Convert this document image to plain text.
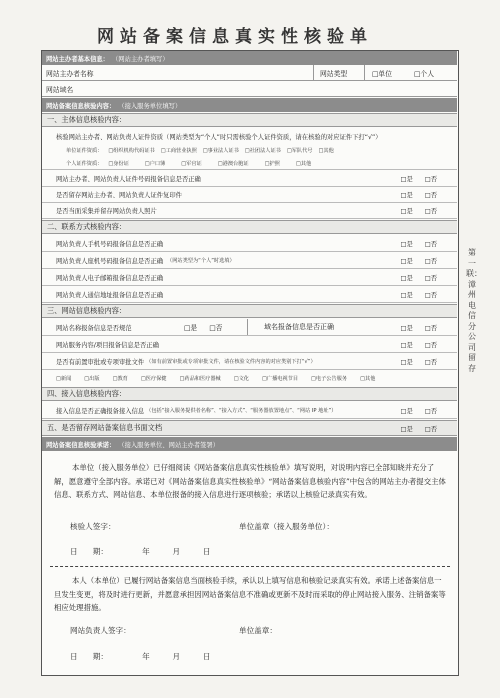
网站备案信息真实性核验单
网站主办者基本信息： （网站主办者填写）
网站主办者名称	网站类型	□单位	□个人
网站域名
网站备案信息核验内容： （接入服务单位填写）
一、主体信息核验内容：
核验网站主办者、网站负责人证件资质（网站类型为“个人”时只需核验个人证件资质，请在核验的对应证件下打“√”）
单位证件资质： □组织机构代码证书 □工商营业执照 □事业法人证书 □社团法人证书 □军队代号 □其他
个人证件资质： □身份证	□户口簿	□军官证	□港澳台胞证	□护照	□其他
网站主办者、网站负责人证件号码报备信息是否正确	□是 □否
是否留存网站主办者、网站负责人证件复印件	□是 □否
是否当面采集并留存网站负责人照片	□是 □否
二、联系方式核验内容：
网站负责人手机号码报备信息是否正确	□是 □否
网站负责人座机号码报备信息是否正确 （网站类型为“个人”时选填）	□是 □否
网站负责人电子邮箱报备信息是否正确	□是 □否
网站负责人通信地址报备信息是否正确	□是 □否
三、网站信息核验内容：
网站名称报备信息是否规范	□是 □否	域名报备信息是否正确	□是 □否
网站服务内容/项目报备信息是否正确	□是 □否
是否有前置审批或专项审批文件 （如有前置审批或专项审批文件，请在核验文件内容的对应类别下打“√”）	□是 □否
□新闻	□出版	□教育	□医疗保健	□药品和医疗器械	□文化	□广播电视节目	□电子公告服务	□其他
四、接入信息核验内容：
接入信息是否正确报备接入信息 （包括“接入服务提供者名称”、“接入方式”、“服务器放置地点”、“网站 IP 地址”）	□是 □否
五、是否留存网站备案信息书面文档	□是 □否
网站备案信息核验承诺： （接入服务单位、网站主办者签署）
本单位（接入服务单位）已仔细阅读《网站备案信息真实性核验单》填写说明，对说明内容已全部知晓并充分了解，愿意遵守全部内容。承诺已对《网站备案信息真实性核验单》“网站备案信息核验内容”中包含的网站主办者提交主体信息、联系方式、网站信息、本单位报备的接入信息进行逐项核验；承诺以上核验记录真实有效。
核验人签字：	单位盖章（接入服务单位）：
日　　期：　　　　　年　　　月　　　日
本人（本单位）已履行网站备案信息当面核验手续，承认以上填写信息和核验记录真实有效。承诺上述备案信息一旦发生变更，将及时进行更新，并愿意承担因网站备案信息不准确或更新不及时而采取的停止网站接入服务、注销备案等相应处理措施。
网站负责人签字：	单位盖章：
日　　期：　　　　　年　　　月　　　日
第一联：漳州电信分公司留存
